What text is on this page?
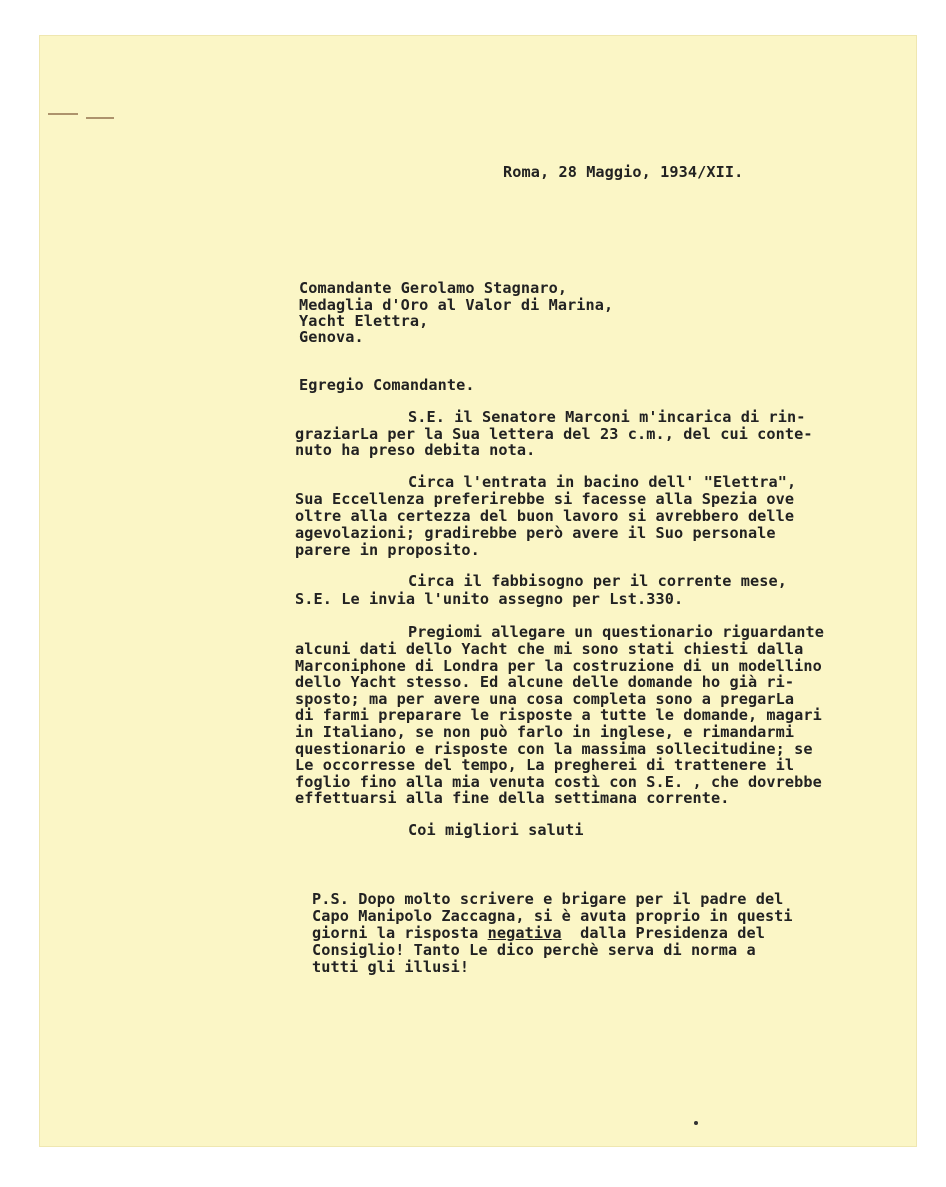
Roma, 28 Maggio, 1934/XII.
Comandante Gerolamo Stagnaro,
Medaglia d'Oro al Valor di Marina,
Yacht Elettra,
Genova.
Egregio Comandante.
S.E. il Senatore Marconi m'incarica di rin-
graziarLa per la Sua lettera del 23 c.m., del cui conte-
nuto ha preso debita nota.
Circa l'entrata in bacino dell' "Elettra",
Sua Eccellenza preferirebbe si facesse alla Spezia ove
oltre alla certezza del buon lavoro si avrebbero delle
agevolazioni; gradirebbe però avere il Suo personale
parere in proposito.
Circa il fabbisogno per il corrente mese,
S.E. Le invia l'unito assegno per Lst.330.
Pregiomi allegare un questionario riguardante
alcuni dati dello Yacht che mi sono stati chiesti dalla
Marconiphone di Londra per la costruzione di un modellino
dello Yacht stesso. Ed alcune delle domande ho già ri-
sposto; ma per avere una cosa completa sono a pregarLa
di farmi preparare le risposte a tutte le domande, magari
in Italiano, se non può farlo in inglese, e rimandarmi
questionario e risposte con la massima sollecitudine; se
Le occorresse del tempo, La pregherei di trattenere il
foglio fino alla mia venuta costì con S.E. , che dovrebbe
effettuarsi alla fine della settimana corrente.
Coi migliori saluti
P.S. Dopo molto scrivere e brigare per il padre del
Capo Manipolo Zaccagna, si è avuta proprio in questi
giorni la risposta negativa  dalla Presidenza del
Consiglio! Tanto Le dico perchè serva di norma a
tutti gli illusi!
